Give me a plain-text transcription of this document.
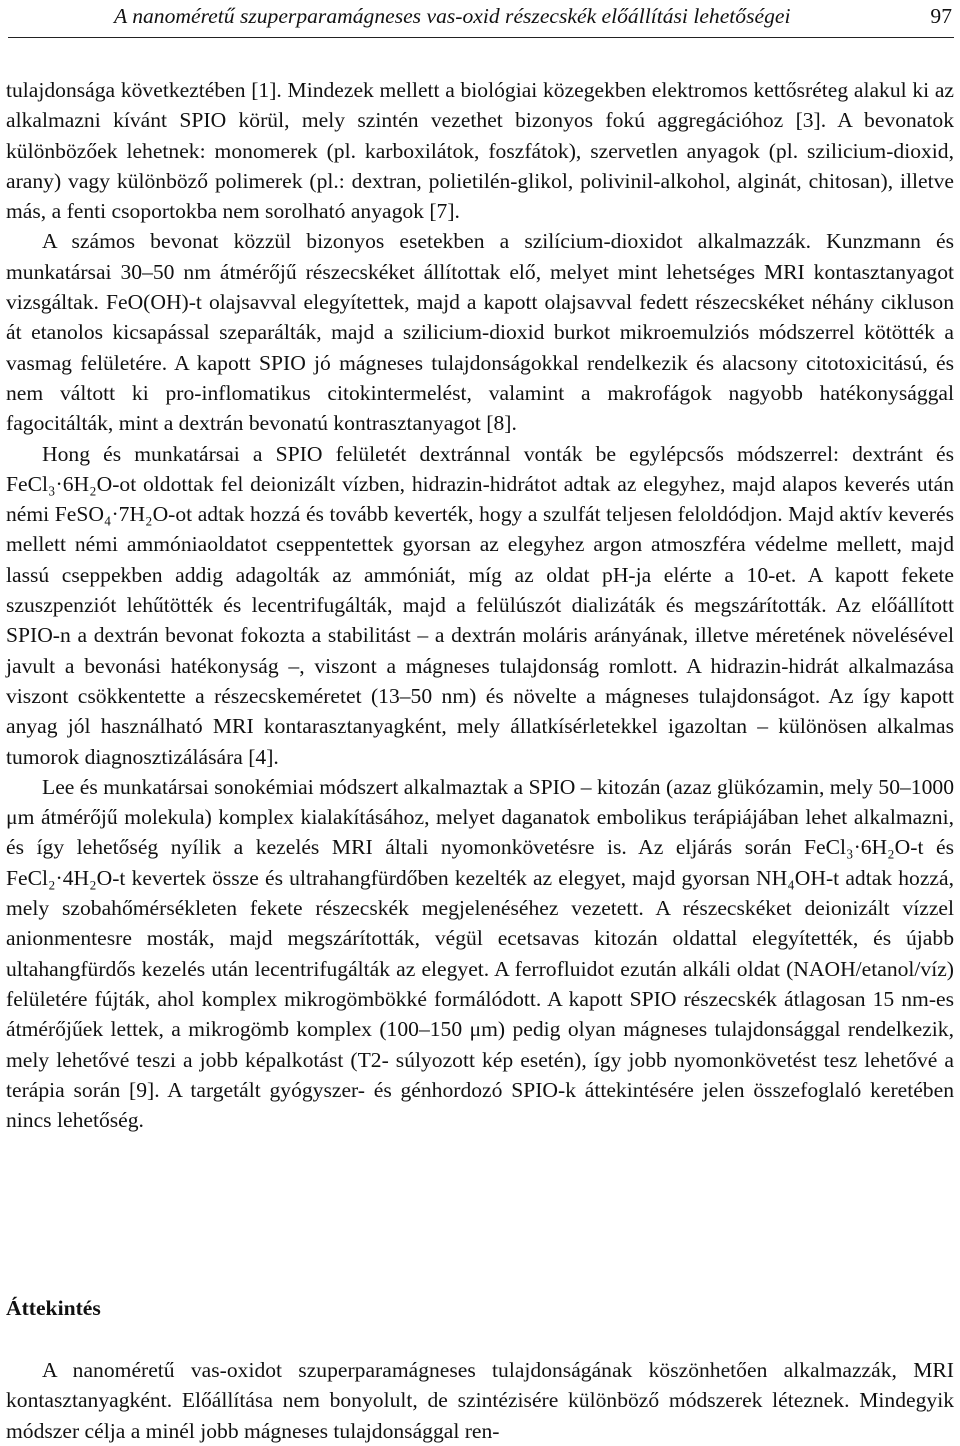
A nanoméretű szuperparamágneses vas-oxid részecskék előállítási lehetőségei	97

tulajdonsága következtében [1]. Mindezek mellett a biológiai közegekben elektromos kettősréteg alakul ki az alkalmazni kívánt SPIO körül, mely szintén vezethet bizonyos fokú aggregációhoz [3]. A bevonatok különbözőek lehetnek: monomerek (pl. karboxilátok, foszfátok), szervetlen anyagok (pl. szilicium-dioxid, arany) vagy különböző polimerek (pl.: dextran, polietilén-glikol, polivinil-alkohol, alginát, chitosan), illetve más, a fenti csoportokba nem sorolható anyagok [7].

A számos bevonat közzül bizonyos esetekben a szilícium-dioxidot alkalmazzák. Kunzmann és munkatársai 30–50 nm átmérőjű részecskéket állítottak elő, melyet mint lehetséges MRI kontasztanyagot vizsgáltak. FeO(OH)-t olajsavval elegyítettek, majd a kapott olajsavval fedett részecskéket néhány cikluson át etanolos kicsapással szeparálták, majd a szilicium-dioxid burkot mikroemulziós módszerrel kötötték a vasmag felületére. A kapott SPIO jó mágneses tulajdonságokkal rendelkezik és alacsony citotoxicitású, és nem váltott ki pro-inflomatikus citokintermelést, valamint a makrofágok nagyobb hatékonysággal fagocitálták, mint a dextrán bevonatú kontrasztanyagot [8].

Hong és munkatársai a SPIO felületét dextránnal vonták be egylépcsős módszerrel: dextránt és FeCl₃·6H₂O-ot oldottak fel deionizált vízben, hidrazin-hidrátot adtak az elegyhez, majd alapos keverés után némi FeSO₄·7H₂O-ot adtak hozzá és tovább keverték, hogy a szulfát teljesen feloldódjon. Majd aktív keverés mellett némi ammóniaoldatot cseppentettek gyorsan az elegyhez argon atmoszféra védelme mellett, majd lassú cseppekben addig adagolták az ammóniát, míg az oldat pH-ja elérte a 10-et. A kapott fekete szuszpenziót lehűtötték és lecentrifugálták, majd a felülúszót dializáták és megszárították. Az előállított SPIO-n a dextrán bevonat fokozta a stabilitást – a dextrán moláris arányának, illetve méretének növelésével javult a bevonási hatékonyság –, viszont a mágneses tulajdonság romlott. A hidrazin-hidrát alkalmazása viszont csökkentette a részecskeméretet (13–50 nm) és növelte a mágneses tulajdonságot. Az így kapott anyag jól használható MRI kontarasztanyagként, mely állatkísérletekkel igazoltan – különösen alkalmas tumorok diagnosztizálására [4].

Lee és munkatársai sonokémiai módszert alkalmaztak a SPIO – kitozán (azaz glükózamin, mely 50–1000 μm átmérőjű molekula) komplex kialakításához, melyet daganatok embolikus terápiájában lehet alkalmazni, és így lehetőség nyílik a kezelés MRI általi nyomonkövetésre is. Az eljárás során FeCl₃·6H₂O-t és FeCl₂·4H₂O-t kevertek össze és ultrahangfürdőben kezelték az elegyet, majd gyorsan NH₄OH-t adtak hozzá, mely szobahőmérsékleten fekete részecskék megjelenéséhez vezetett. A részecskéket deionizált vízzel anionmentesre mosták, majd megszárították, végül ecetsavas kitozán oldattal elegyítették, és újabb ultahangfürdős kezelés után lecentrifugálták az elegyet. A ferrofluidot ezután alkáli oldat (NAOH/etanol/víz) felületére fújták, ahol komplex mikrogömbökké formálódott. A kapott SPIO részecskék átlagosan 15 nm-es átmérőjűek lettek, a mikrogömb komplex (100–150 μm) pedig olyan mágneses tulajdonsággal rendelkezik, mely lehetővé teszi a jobb képalkotást (T2- súlyozott kép esetén), így jobb nyomonkövetést tesz lehetővé a terápia során [9]. A targetált gyógyszer- és génhordozó SPIO-k áttekintésére jelen összefoglaló keretében nincs lehetőség.

Áttekintés

A nanoméretű vas-oxidot szuperparamágneses tulajdonságának köszönhetően alkalmazzák, MRI kontasztanyagként. Előállítása nem bonyolult, de szintézisére különböző módszerek léteznek. Mindegyik módszer célja a minél jobb mágneses tulajdonsággal ren-
